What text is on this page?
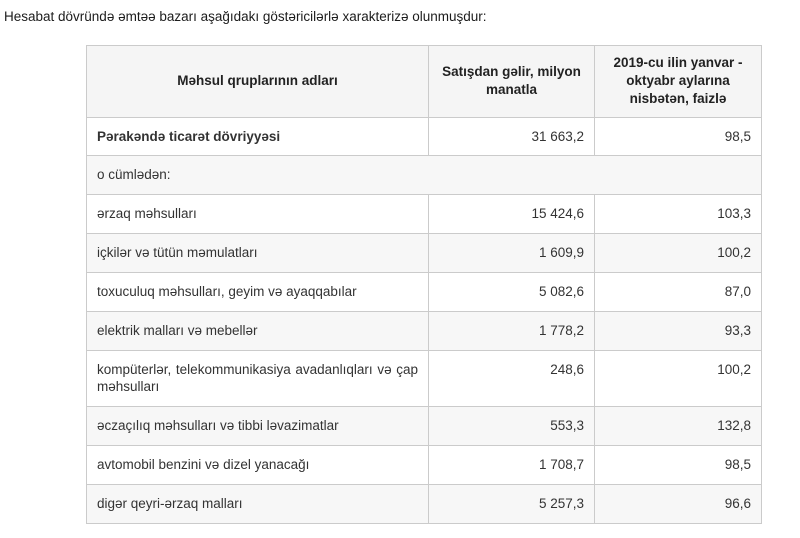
Hesabat dövründə əmtəə bazarı aşağıdakı göstəricilərlə xarakterizə olunmuşdur:

Məhsul qruplarının adları	Satışdan gəlir, milyon manatla	2019-cu ilin yanvar - oktyabr aylarına nisbətən, faizlə
Pərakəndə ticarət dövriyyəsi	31 663,2	98,5
o cümlədən:		
ərzaq məhsulları	15 424,6	103,3
içkilər və tütün məmulatları	1 609,9	100,2
toxuculuq məhsulları, geyim və ayaqqabılar	5 082,6	87,0
elektrik malları və mebellər	1 778,2	93,3
kompüterlər, telekommunikasiya avadanlıqları və çap məhsulları	248,6	100,2
əczaçılıq məhsulları və tibbi ləvazimatlar	553,3	132,8
avtomobil benzini və dizel yanacağı	1 708,7	98,5
digər qeyri-ərzaq malları	5 257,3	96,6
